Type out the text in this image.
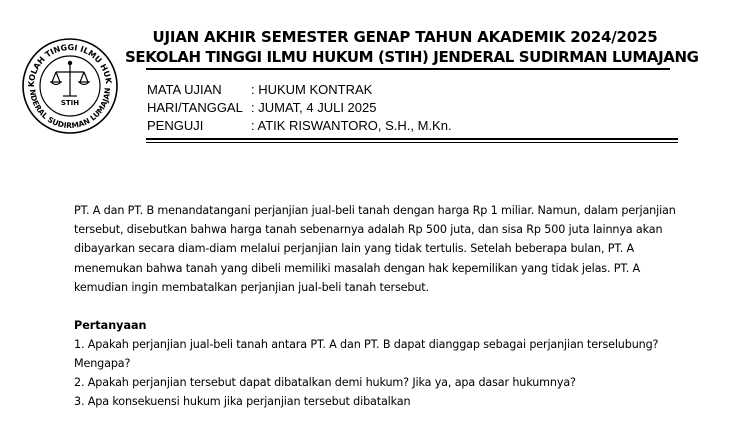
KOLAH TINGGI ILMU HUK
NDERAL SUDIRMAN LUMAJAN
STIH
UJIAN AKHIR SEMESTER GENAP TAHUN AKADEMIK 2024/2025
SEKOLAH TINGGI ILMU HUKUM (STIH) JENDERAL SUDIRMAN LUMAJANG
MATA UJIAN : HUKUM KONTRAK
HARI/TANGGAL : JUMAT, 4 JULI 2025
PENGUJI	: ATIK RISWANTORO, S.H., M.Kn.

PT. A dan PT. B menandatangani perjanjian jual-beli tanah dengan harga Rp 1 miliar. Namun, dalam perjanjian

tersebut, disebutkan bahwa harga tanah sebenarnya adalah Rp 500 juta, dan sisa Rp 500 juta lainnya akan

dibayarkan secara diam-diam melalui perjanjian lain yang tidak tertulis. Setelah beberapa bulan, PT. A

menemukan bahwa tanah yang dibeli memiliki masalah dengan hak kepemilikan yang tidak jelas. PT. A

kemudian ingin membatalkan perjanjian jual-beli tanah tersebut.

Pertanyaan
1. Apakah perjanjian jual-beli tanah antara PT. A dan PT. B dapat dianggap sebagai perjanjian terselubung?
Mengapa?
2. Apakah perjanjian tersebut dapat dibatalkan demi hukum? Jika ya, apa dasar hukumnya?
3. Apa konsekuensi hukum jika perjanjian tersebut dibatalkan
